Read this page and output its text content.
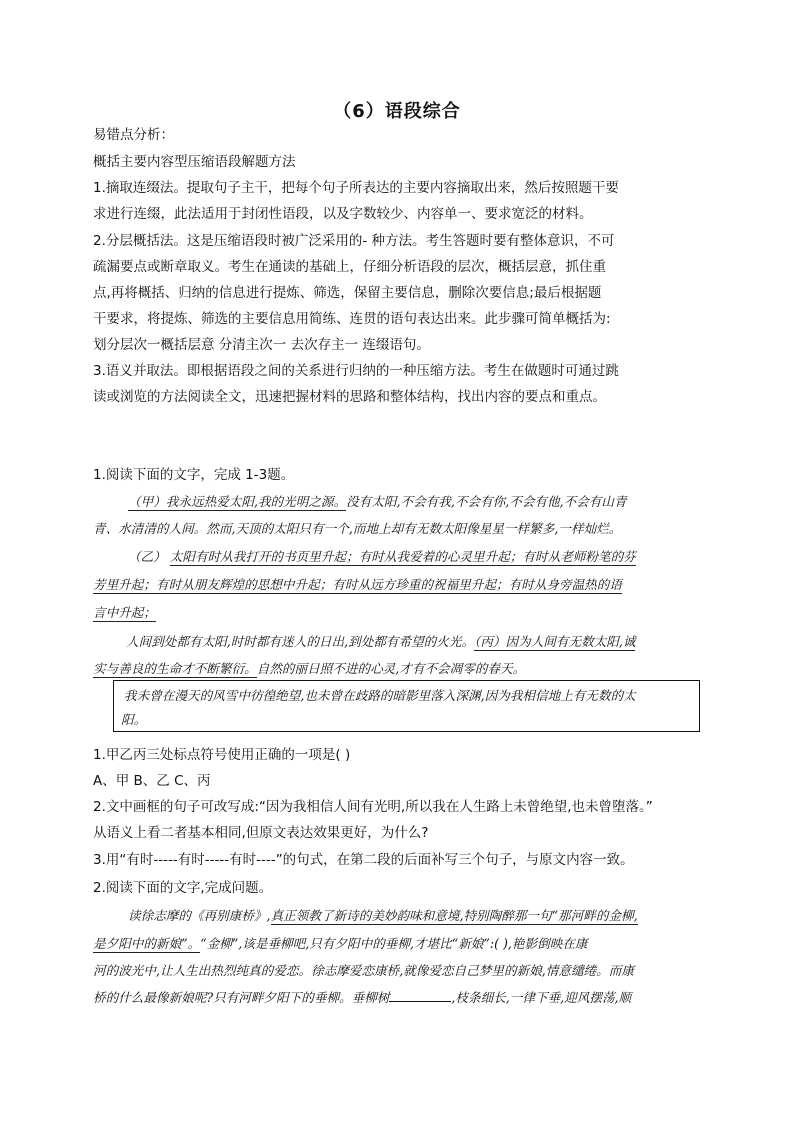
（6）语段综合
易错点分析：
概括主要内容型压缩语段解题方法
1.摘取连缀法。提取句子主干，把每个句子所表达的主要内容摘取出来，然后按照题干要
求进行连缀，此法适用于封闭性语段，以及字数较少、内容单一、要求宽泛的材料。
2.分层概括法。这是压缩语段时被广泛采用的- 种方法。考生答题时要有整体意识，不可
疏漏要点或断章取义。考生在通读的基础上，仔细分析语段的层次，概括层意，抓住重
点,再将概括、归纳的信息进行提炼、筛选，保留主要信息，删除次要信息;最后根据题
干要求，将提炼、筛选的主要信息用简练、连贯的语句表达出来。此步骤可简单概括为:
划分层次一概括层意 分清主次一 去次存主一 连缀语句。
3.语义并取法。即根据语段之间的关系进行归纳的一种压缩方法。考生在做题时可通过跳
读或浏览的方法阅读全文，迅速把握材料的思路和整体结构，找出内容的要点和重点。
1.阅读下面的文字，完成 1-3题。
（甲）我永远热爱太阳,我的光明之源。没有太阳,不会有我,不会有你,不会有他,不会有山青
青、水清清的人间。然而,天顶的太阳只有一个,而地上却有无数太阳像星星一样繁多,一样灿烂。
（乙） 太阳有时从我打开的书页里升起；有时从我爱着的心灵里升起；有时从老师粉笔的芬
芳里升起；有时从朋友辉煌的思想中升起；有时从远方珍重的祝福里升起；有时从身旁温热的语
言中升起；
人间到处都有太阳,时时都有迷人的日出,到处都有希望的火光。（丙）因为人间有无数太阳,诚
实与善良的生命才不断繁衍。自然的丽日照不进的心灵,才有不会凋零的春天。
我未曾在漫天的风雪中彷徨绝望,也未曾在歧路的暗影里落入深渊,因为我相信地上有无数的太
阳。
1.甲乙丙三处标点符号使用正确的一项是( )
A、甲 B、乙 C、丙
2.文中画框的句子可改写成:“因为我相信人间有光明,所以我在人生路上未曾绝望,也未曾堕落。”
从语义上看二者基本相同,但原文表达效果更好，为什么?
3.用“有时-----有时-----有时----”的句式，在第二段的后面补写三个句子，与原文内容一致。
2.阅读下面的文字,完成问题。
读徐志摩的《再别康桥》,真正领教了新诗的美妙韵味和意境,特别陶醉那一句“那河畔的金柳,
是夕阳中的新娘”。“金柳”,该是垂柳吧,只有夕阳中的垂柳,才堪比“新娘”:( ),艳影倒映在康
河的波光中,让人生出热烈纯真的爱恋。徐志摩爱恋康桥,就像爱恋自己梦里的新娘,情意缱绻。而康
桥的什么最像新娘呢?只有河畔夕阳下的垂柳。垂柳树	,枝条细长,一律下垂,迎风摆荡,顺
